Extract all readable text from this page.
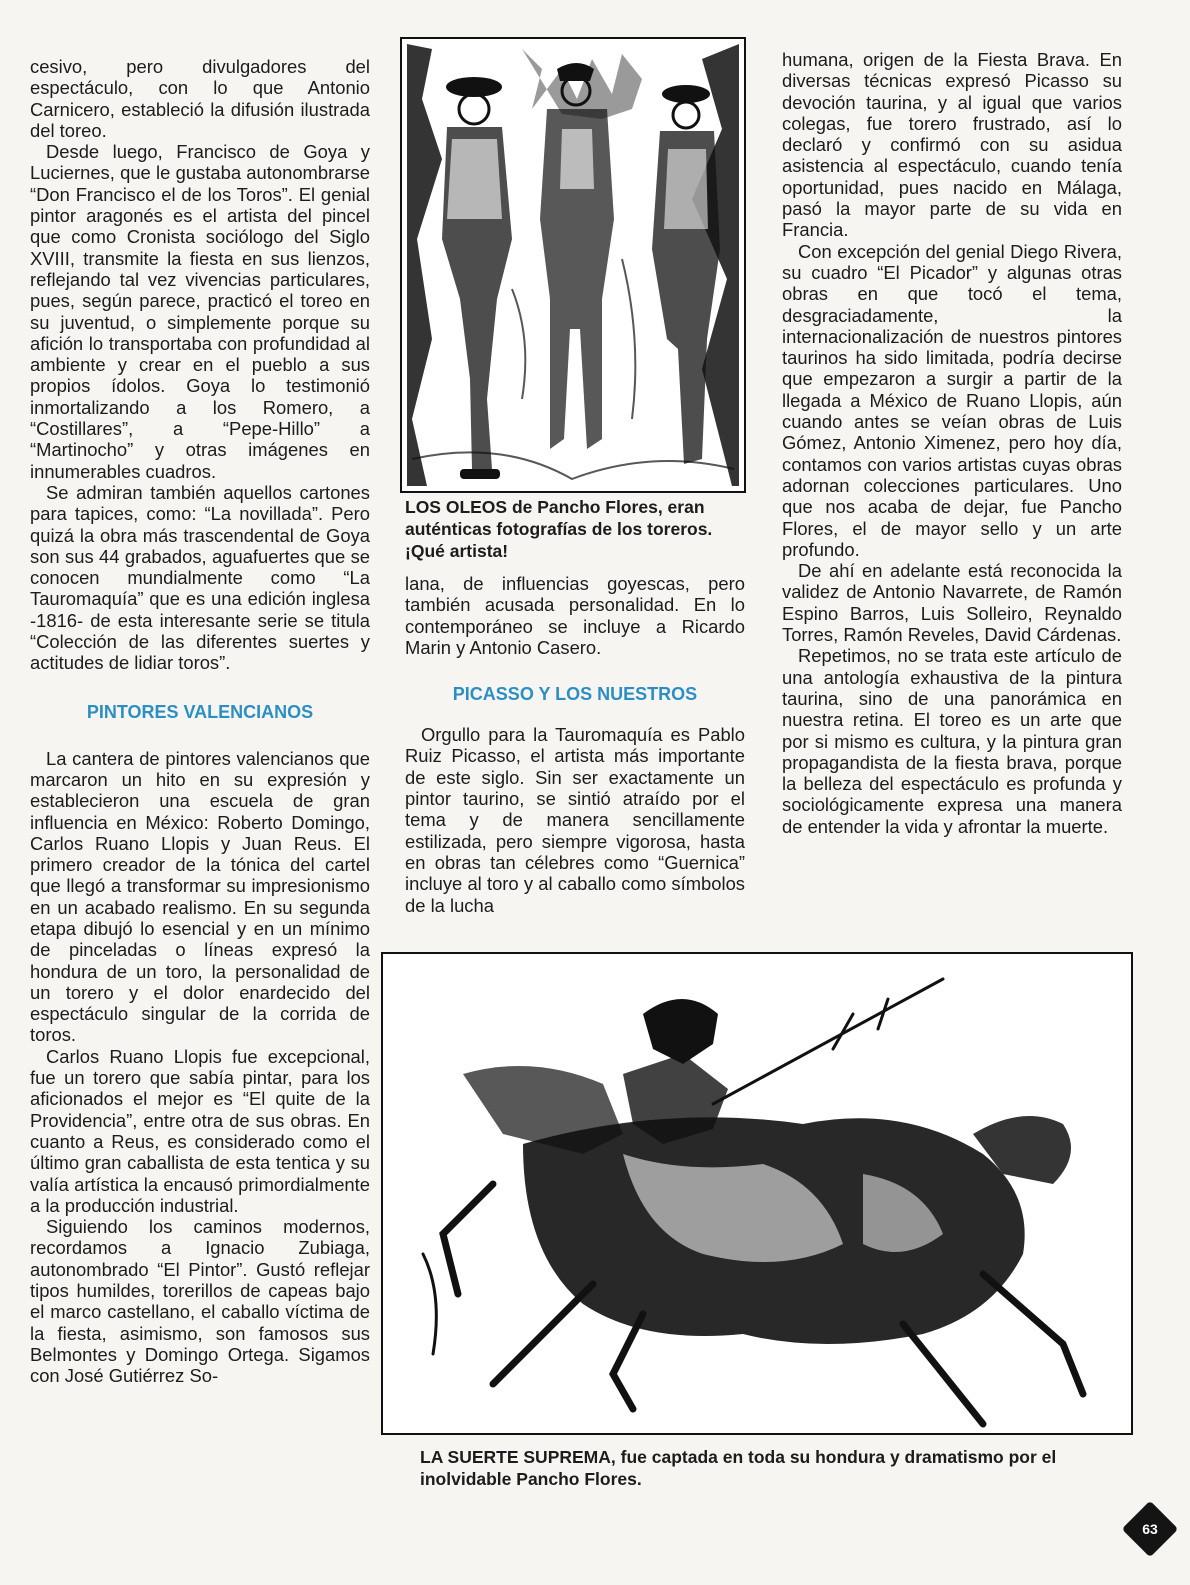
cesivo, pero divulgadores del espectáculo, con lo que Antonio Carnicero, estableció la difusión ilustrada del toreo.

Desde luego, Francisco de Goya y Luciernes, que le gustaba autonombrarse “Don Francisco el de los Toros”. El genial pintor aragonés es el artista del pincel que como Cronista sociólogo del Siglo XVIII, transmite la fiesta en sus lienzos, reflejando tal vez vivencias particulares, pues, según parece, practicó el toreo en su juventud, o simplemente porque su afición lo transportaba con profundidad al ambiente y crear en el pueblo a sus propios ídolos. Goya lo testimonió inmortalizando a los Romero, a “Costillares”, a “Pepe-Hillo” a “Martinocho” y otras imágenes en innumerables cuadros.

Se admiran también aquellos cartones para tapices, como: “La novillada”. Pero quizá la obra más trascendental de Goya son sus 44 grabados, aguafuertes que se conocen mundialmente como “La Tauromaquía” que es una edición inglesa -1816- de esta interesante serie se titula “Colección de las diferentes suertes y actitudes de lidiar toros”.

PINTORES VALENCIANOS

La cantera de pintores valencianos que marcaron un hito en su expresión y establecieron una escuela de gran influencia en México: Roberto Domingo, Carlos Ruano Llopis y Juan Reus. El primero creador de la tónica del cartel que llegó a transformar su impresionismo en un acabado realismo. En su segunda etapa dibujó lo esencial y en un mínimo de pinceladas o líneas expresó la hondura de un toro, la personalidad de un torero y el dolor enardecido del espectáculo singular de la corrida de toros.

Carlos Ruano Llopis fue excepcional, fue un torero que sabía pintar, para los aficionados el mejor es “El quite de la Providencia”, entre otra de sus obras. En cuanto a Reus, es considerado como el último gran caballista de esta tentica y su valía artística la encausó primordialmente a la producción industrial.

Siguiendo los caminos modernos, recordamos a Ignacio Zubiaga, autonombrado “El Pintor”. Gustó reflejar tipos humildes, torerillos de capeas bajo el marco castellano, el caballo víctima de la fiesta, asimismo, son famosos sus Belmontes y Domingo Ortega. Sigamos con José Gutiérrez So-

LOS OLEOS de Pancho Flores, eran auténticas fotografías de los toreros. ¡Qué artista!

lana, de influencias goyescas, pero también acusada personalidad. En lo contemporáneo se incluye a Ricardo Marin y Antonio Casero.

PICASSO Y LOS NUESTROS

Orgullo para la Tauromaquía es Pablo Ruiz Picasso, el artista más importante de este siglo. Sin ser exactamente un pintor taurino, se sintió atraído por el tema y de manera sencillamente estilizada, pero siempre vigorosa, hasta en obras tan célebres como “Guernica” incluye al toro y al caballo como símbolos de la lucha

humana, origen de la Fiesta Brava. En diversas técnicas expresó Picasso su devoción taurina, y al igual que varios colegas, fue torero frustrado, así lo declaró y confirmó con su asidua asistencia al espectáculo, cuando tenía oportunidad, pues nacido en Málaga, pasó la mayor parte de su vida en Francia.

Con excepción del genial Diego Rivera, su cuadro “El Picador” y algunas otras obras en que tocó el tema, desgraciadamente, la internacionalización de nuestros pintores taurinos ha sido limitada, podría decirse que empezaron a surgir a partir de la llegada a México de Ruano Llopis, aún cuando antes se veían obras de Luis Gómez, Antonio Ximenez, pero hoy día, contamos con varios artistas cuyas obras adornan colecciones particulares. Uno que nos acaba de dejar, fue Pancho Flores, el de mayor sello y un arte profundo.

De ahí en adelante está reconocida la validez de Antonio Navarrete, de Ramón Espino Barros, Luis Solleiro, Reynaldo Torres, Ramón Reveles, David Cárdenas.

Repetimos, no se trata este artículo de una antología exhaustiva de la pintura taurina, sino de una panorámica en nuestra retina. El toreo es un arte que por si mismo es cultura, y la pintura gran propagandista de la fiesta brava, porque la belleza del espectáculo es profunda y sociológicamente expresa una manera de entender la vida y afrontar la muerte.

LA SUERTE SUPREMA, fue captada en toda su hondura y dramatismo por el inolvidable Pancho Flores.

63
